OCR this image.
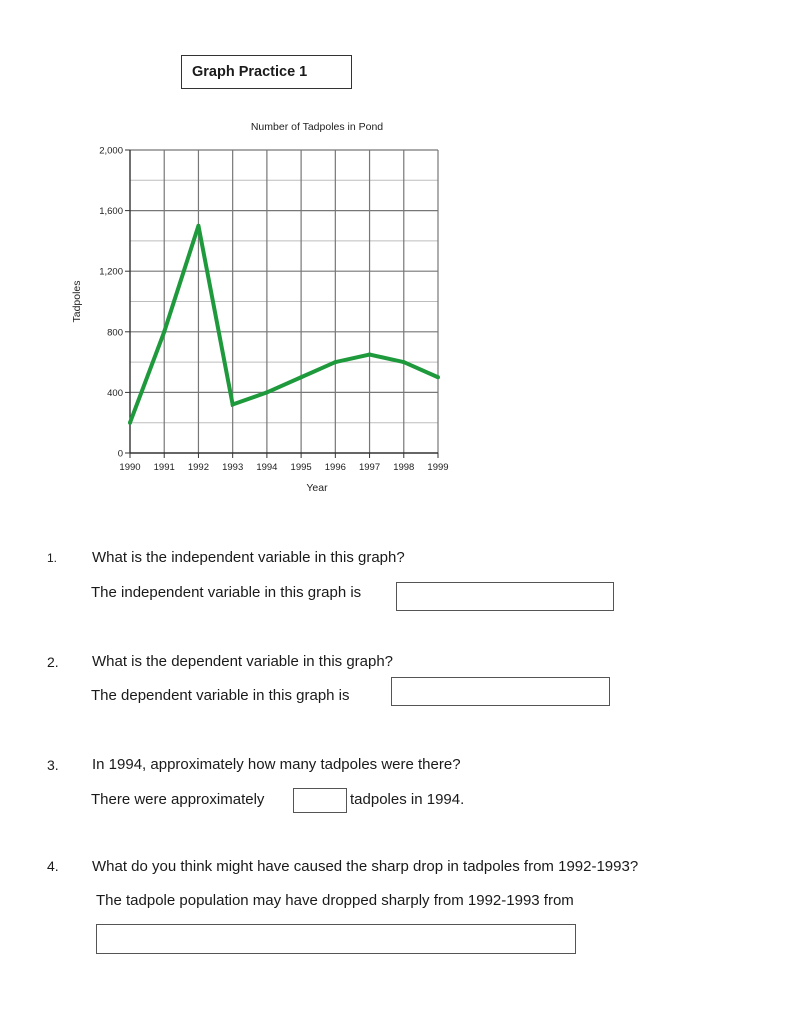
Graph Practice 1
0
400
800
1,200
1,600
2,000
1990 1991 1992 1993 1994 1995 1996 1997 1998 1999
Number of Tadpoles in Pond
Year
Tadpoles
1. What is the independent variable in this graph?
The independent variable in this graph is
2. What is the dependent variable in this graph?
The dependent variable in this graph is
3. In 1994, approximately how many tadpoles were there?
There were approximately	tadpoles in 1994.
4. What do you think might have caused the sharp drop in tadpoles from 1992-1993?
The tadpole population may have dropped sharply from 1992-1993 from
